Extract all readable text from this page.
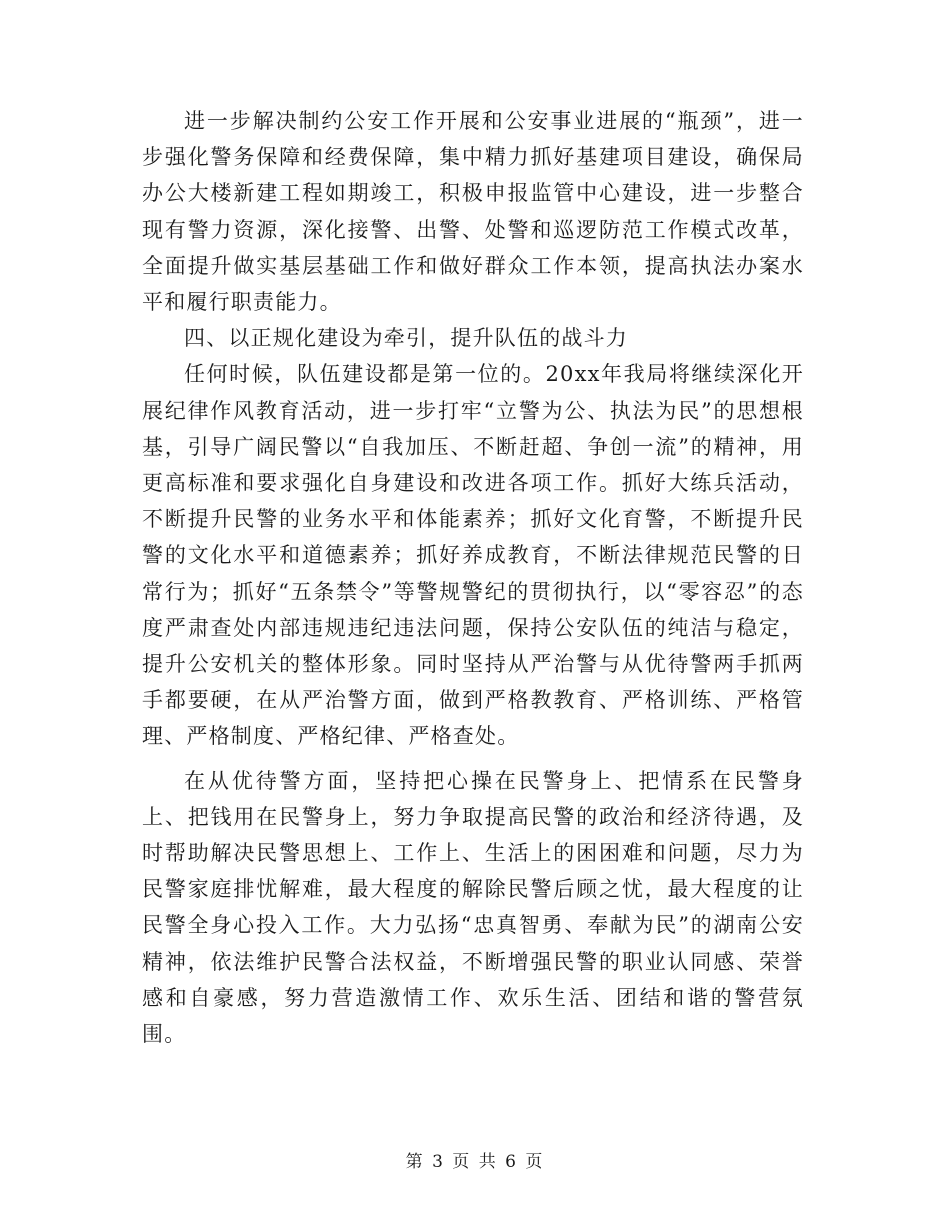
进一步解决制约公安工作开展和公安事业进展的“瓶颈”，进一步强化警务保障和经费保障，集中精力抓好基建项目建设，确保局办公大楼新建工程如期竣工，积极申报监管中心建设，进一步整合现有警力资源，深化接警、出警、处警和巡逻防范工作模式改革，全面提升做实基层基础工作和做好群众工作本领，提高执法办案水平和履行职责能力。

四、以正规化建设为牵引，提升队伍的战斗力

任何时候，队伍建设都是第一位的。20xx年我局将继续深化开展纪律作风教育活动，进一步打牢“立警为公、执法为民”的思想根基，引导广阔民警以“自我加压、不断赶超、争创一流”的精神，用更高标准和要求强化自身建设和改进各项工作。抓好大练兵活动，不断提升民警的业务水平和体能素养；抓好文化育警，不断提升民警的文化水平和道德素养；抓好养成教育，不断法律规范民警的日常行为；抓好“五条禁令”等警规警纪的贯彻执行，以“零容忍”的态度严肃查处内部违规违纪违法问题，保持公安队伍的纯洁与稳定，提升公安机关的整体形象。同时坚持从严治警与从优待警两手抓两手都要硬，在从严治警方面，做到严格教教育、严格训练、严格管理、严格制度、严格纪律、严格查处。

在从优待警方面，坚持把心操在民警身上、把情系在民警身上、把钱用在民警身上，努力争取提高民警的政治和经济待遇，及时帮助解决民警思想上、工作上、生活上的困困难和问题，尽力为民警家庭排忧解难，最大程度的解除民警后顾之忧，最大程度的让民警全身心投入工作。大力弘扬“忠真智勇、奉献为民”的湖南公安精神，依法维护民警合法权益，不断增强民警的职业认同感、荣誉感和自豪感，努力营造激情工作、欢乐生活、团结和谐的警营氛围。

第 3 页 共 6 页
